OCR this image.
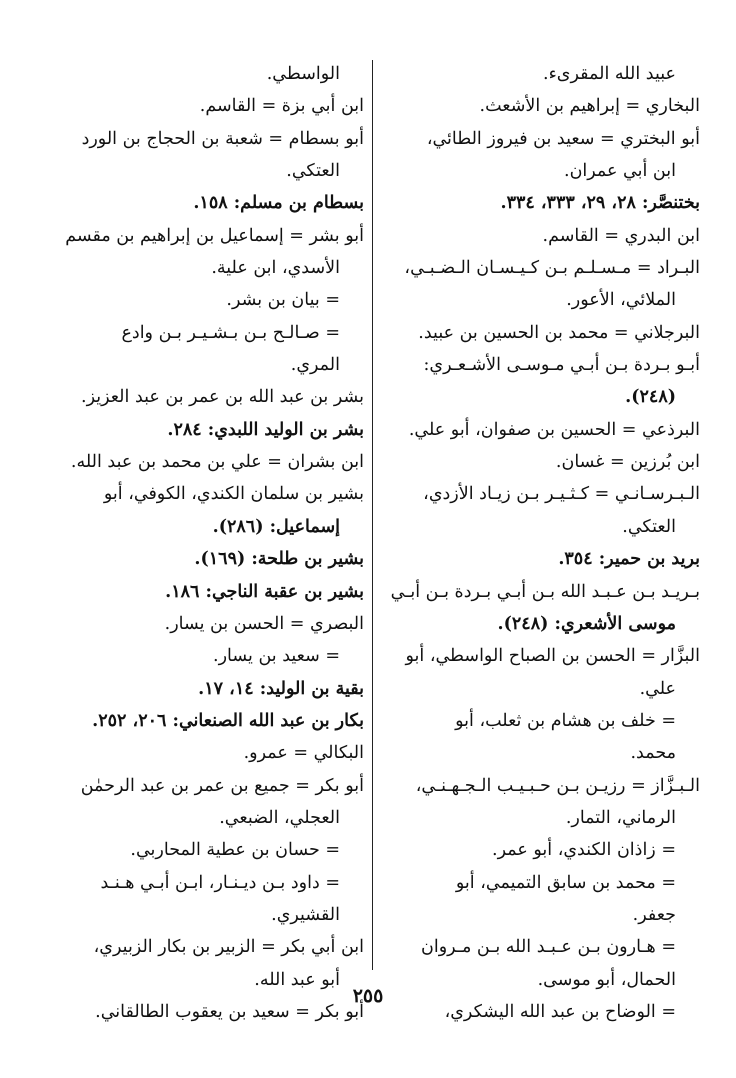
عبيد الله المقرىء.
البخاري = إبراهيم بن الأشعث.
أبو البختري = سعيد بن فيروز الطائي،
ابن أبي عمران.
بختنصَّر: ٢٨، ٢٩، ٣٣٣، ٣٣٤.
ابن البدري = القاسم.
البـراد = مـسـلـم بـن كـيـسـان الـضـبـي،
الملائي، الأعور.
البرجلاني = محمد بن الحسين بن عبيد.
أبـو بـردة بـن أبـي مـوسـى الأشـعـري:
(٢٤٨).
البرذعي = الحسين بن صفوان، أبو علي.
ابن بُرزين = غسان.
الـبـرسـانـي = كـثـيـر بـن زيـاد الأزدي،
العتكي.
بريد بن حمير: ٣٥٤.
بـريـد بـن عـبـد الله بـن أبـي بـردة بـن أبـي
موسى الأشعري: (٢٤٨).
البزَّار = الحسن بن الصباح الواسطي، أبو
علي.
= خلف بن هشام بن ثعلب، أبو
محمد.
الـبـزَّاز = رزيـن بـن حـبـيـب الـجـهـنـي،
الرماني، التمار.
= زاذان الكندي، أبو عمر.
= محمد بن سابق التميمي، أبو
جعفر.
= هـارون بـن عـبـد الله بـن مـروان
الحمال، أبو موسى.
= الوضاح بن عبد الله اليشكري،
الواسطي.
ابن أبي بزة = القاسم.
أبو بسطام = شعبة بن الحجاج بن الورد
العتكي.
بسطام بن مسلم: ١٥٨.
أبو بشر = إسماعيل بن إبراهيم بن مقسم
الأسدي، ابن علية.
= بيان بن بشر.
= صـالـح بـن بـشـيـر بـن وادع
المري.
بشر بن عبد الله بن عمر بن عبد العزيز.
بشر بن الوليد اللبدي: ٢٨٤.
ابن بشران = علي بن محمد بن عبد الله.
بشير بن سلمان الكندي، الكوفي، أبو
إسماعيل: (٢٨٦).
بشير بن طلحة: (١٦٩).
بشير بن عقبة الناجي: ١٨٦.
البصري = الحسن بن يسار.
= سعيد بن يسار.
بقية بن الوليد: ١٤، ١٧.
بكار بن عبد الله الصنعاني: ٢٠٦، ٢٥٢.
البكالي = عمرو.
أبو بكر = جميع بن عمر بن عبد الرحمٰن
العجلي، الضبعي.
= حسان بن عطية المحاربي.
= داود بـن ديـنـار، ابـن أبـي هـنـد
القشيري.
ابن أبي بكر = الزبير بن بكار الزبيري،
أبو عبد الله.
أبو بكر = سعيد بن يعقوب الطالقاني.
٢٥٥
